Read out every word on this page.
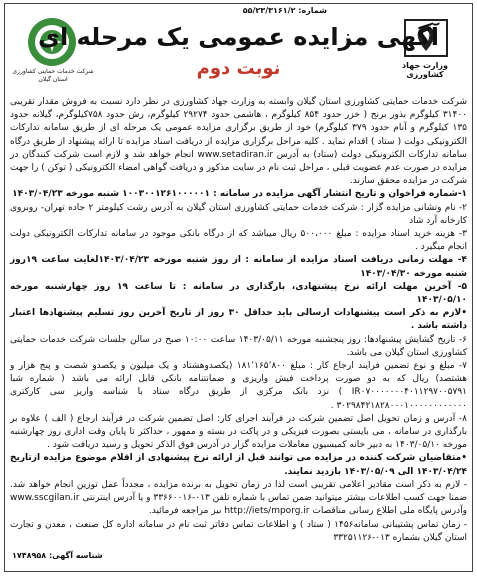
شماره: ۵۵/۲۳/۳۱۶۱/۲
شرکت خدمات حمایتی کشاورزی استان گیلان
وزارت جهاد کشاورزی
آگهی مزایده عمومی یک مرحله ای
نوبت دوم

شرکت خدمات حمایتی کشاورزی استان گیلان وابسته به وزارت جهاد کشاورزی در نظر دارد نسبت به فروش مقدار تقریبی ۳۱۴۰۰ کیلوگرم بذور برنج ( خزر حدود ۸۵۴ کیلوگرم ، هاشمی حدود ۲۹۲۷۴ کیلوگرم، رش حدود ۷۵۸کیلوگرم، گیلانه حدود ۱۳۵ کیلوگرم و آنام حدود ۳۷۹ کیلوگرم) خود از طریق برگزاری مزایده عمومی یک مرحله ای از طریق سامانه تدارکات الکترونیکی دولت ( ستاد ) اقدام نماید . کلیه مراحل برگزاری مزایده از دریافت اسناد مزایده تا ارائه پیشنهاد از طریق درگاه سامانه تدارکات الکترونیکی دولت (ستاد) به آدرس www.setadiran.ir انجام خواهد شد و لازم است شرکت کنندگان در مزایده در صورت عدم عضویت قبلی ، مراحل ثبت نام در سایت مذکور و دریافت گواهی امضاء الکترونیکی ( توکن ) را جهت شرکت در مزایده محقق سازند.

۱-شماره فراخوان و تاریخ انتشار آگهی مزایده در سامانه : ۱۰۰۳۰۰۱۲۶۱۰۰۰۰۰۱ شنبه مورخه ۱۴۰۳/۰۴/۲۳

۲- نام ونشانی مزایده گزار : شرکت خدمات حمایتی کشاورزی استان گیلان به آدرس رشت کیلومتر ۲ جاده تهران- روبروی کارخانه آرد شاد

۳- هزینه خرید اسناد مزایده : مبلغ ۵۰۰،۰۰۰ ریال میباشد که از درگاه بانکی موجود در سامانه تدارکات الکترونیکی دولت انجام میگیرد .

۴- مهلت زمانی دریافت اسناد مزایده از سامانه : از روز شنبه مورخه ۱۴۰۳/۰۴/۲۳لغایت ساعت ۱۹روز شنبه مورخه ۱۴۰۳/۰۴/۳۰

۵- آخرین مهلت ارائه نرخ پیشنهادی، بارگذاری در سامانه : تا ساعت ۱۹ روز چهارشنبه مورخه ۱۴۰۳/۰۵/۱۰

•لازم به ذکر است پیشنهادات ارسالی باید حداقل ۳۰ روز از تاریخ آخرین روز تسلیم پیشنهادها اعتبار داشته باشد .

۶- تاریخ گشایش پیشنهادها: روز پنجشنبه مورخه ۱۴۰۳/۰۵/۱۱ ساعت ۱۰:۰۰ صبح در سالن جلسات شرکت خدمات حمایتی کشاورزی استان گیلان می باشد.

۷- مبلغ و نوع تضمین فرایند ارجاع کار : مبلغ ۱۸۱٬۱۶۵٬۸۰۰ (یکصدوهشتاد و یک میلیون و یکصدو شصت و پنج هزار و هشتصد) ریال که به دو صورت پرداخت فیش واریزی و ضمانتنامه بانکی قابل ارائه می باشد ( شماره شبا IR۰۷۰۰۰۰۰۰۰۴۰۱۱۲۹۷۰۰۵۷۹۱ ) نزد بانک مرکزی از طریق درگاه ستاد با شناسه واریز سی کارکتری ۳۰۲۹۸۴۲۱۸۲۸۰۰۰۱۰۰۰۰۰۰۰۰۰۰۰۰ .

۸- آدرس و زمان تحویل اصل تضمین شرکت در فرآیند اجرای کار: اصل تضمین شرکت در فرآیند ارجاع ( الف ) علاوه بر بارگذاری در سامانه ، می بایستی بصورت فیزیکی و در پاکت در بسته و ممهور ، حداکثر تا پایان وقت اداری روز چهارشنبه مورخه ۱۴۰۳/۰۵/۱۰ به دبیر خانه کمیسیون معاملات مزایده گزار در آدرس فوق الذکر تحویل و رسید دریافت شود .

•متقاضیان شرکت کننده در مزایده می توانند قبل از ارائه نرخ پیشنهادی از اقلام موضوع مزایده ازتاریخ ۱۴۰۳/۰۴/۲۴ الی ۱۴۰۳/۰۵/۰۹ بازدید نمایند.

- لازم به ذکر است مقادیر اعلامی تقریبی است لذا در زمان تحویل به برنده مزایده ، مجدداً عمل توزین انجام خواهد شد. ضمنا جهت کسب اطلاعات بیشتر میتوانید ضمن تماس با شماره تلفن ۰۱۳-۳۳۶۶۰۰۱۶ و یا آدرس اینترنتی www.sscgilan.ir

وآدرس پایگاه ملی اطلاع رسانی مناقصات http://iets/mporg.ir نیز مراجعه فرمائید.

- زمان تماس پشتیبانی سامانه۱۴۵۶ ( ستاد ) و اطلاعات تماس دفاتر ثبت نام در سامانه اداره کل صنعت ، معدن و تجارت استان گیلان بشماره ۰۱۳-۳۳۲۵۱۱۲۶

شناسه آگهی: ۱۷۴۸۹۵۸
